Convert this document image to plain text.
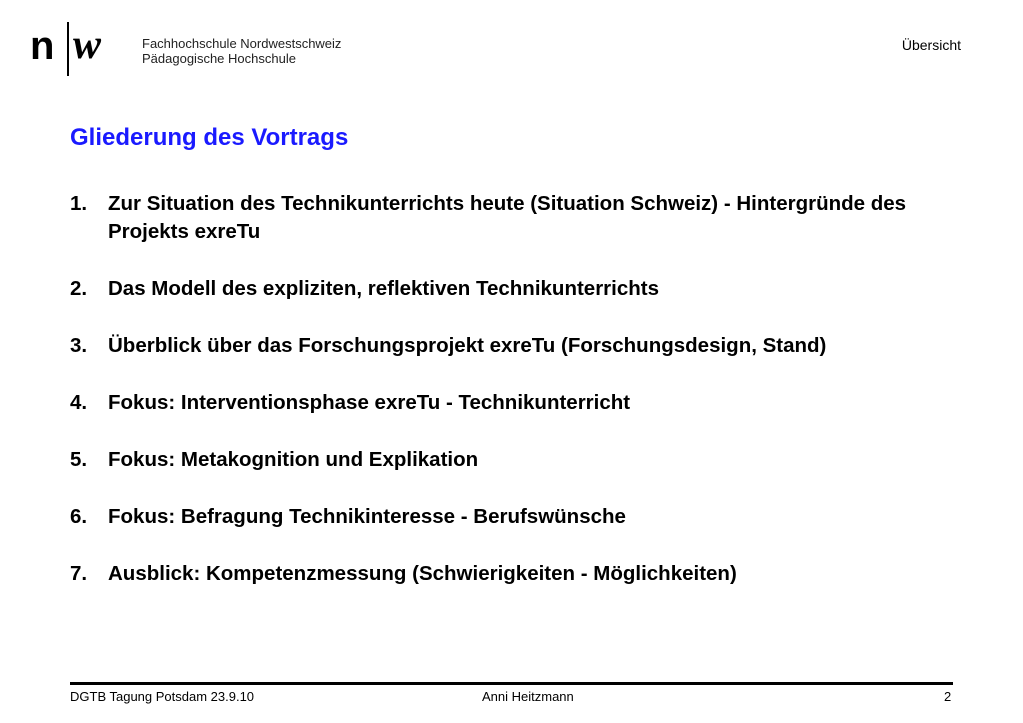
n w	Fachhochschule Nordwestschweiz
Pädagogische Hochschule
Übersicht
Gliederung des Vortrags
1.	Zur Situation des Technikunterrichts heute (Situation Schweiz) - Hintergründe des Projekts exreTu
2.	Das Modell des expliziten, reflektiven Technikunterrichts
3.	Überblick über das Forschungsprojekt exreTu (Forschungsdesign, Stand)
4.	Fokus: Interventionsphase exreTu - Technikunterricht
5.	Fokus: Metakognition und Explikation
6.	Fokus: Befragung Technikinteresse - Berufswünsche
7.	Ausblick: Kompetenzmessung (Schwierigkeiten - Möglichkeiten)
DGTB Tagung Potsdam 23.9.10	Anni Heitzmann	2
